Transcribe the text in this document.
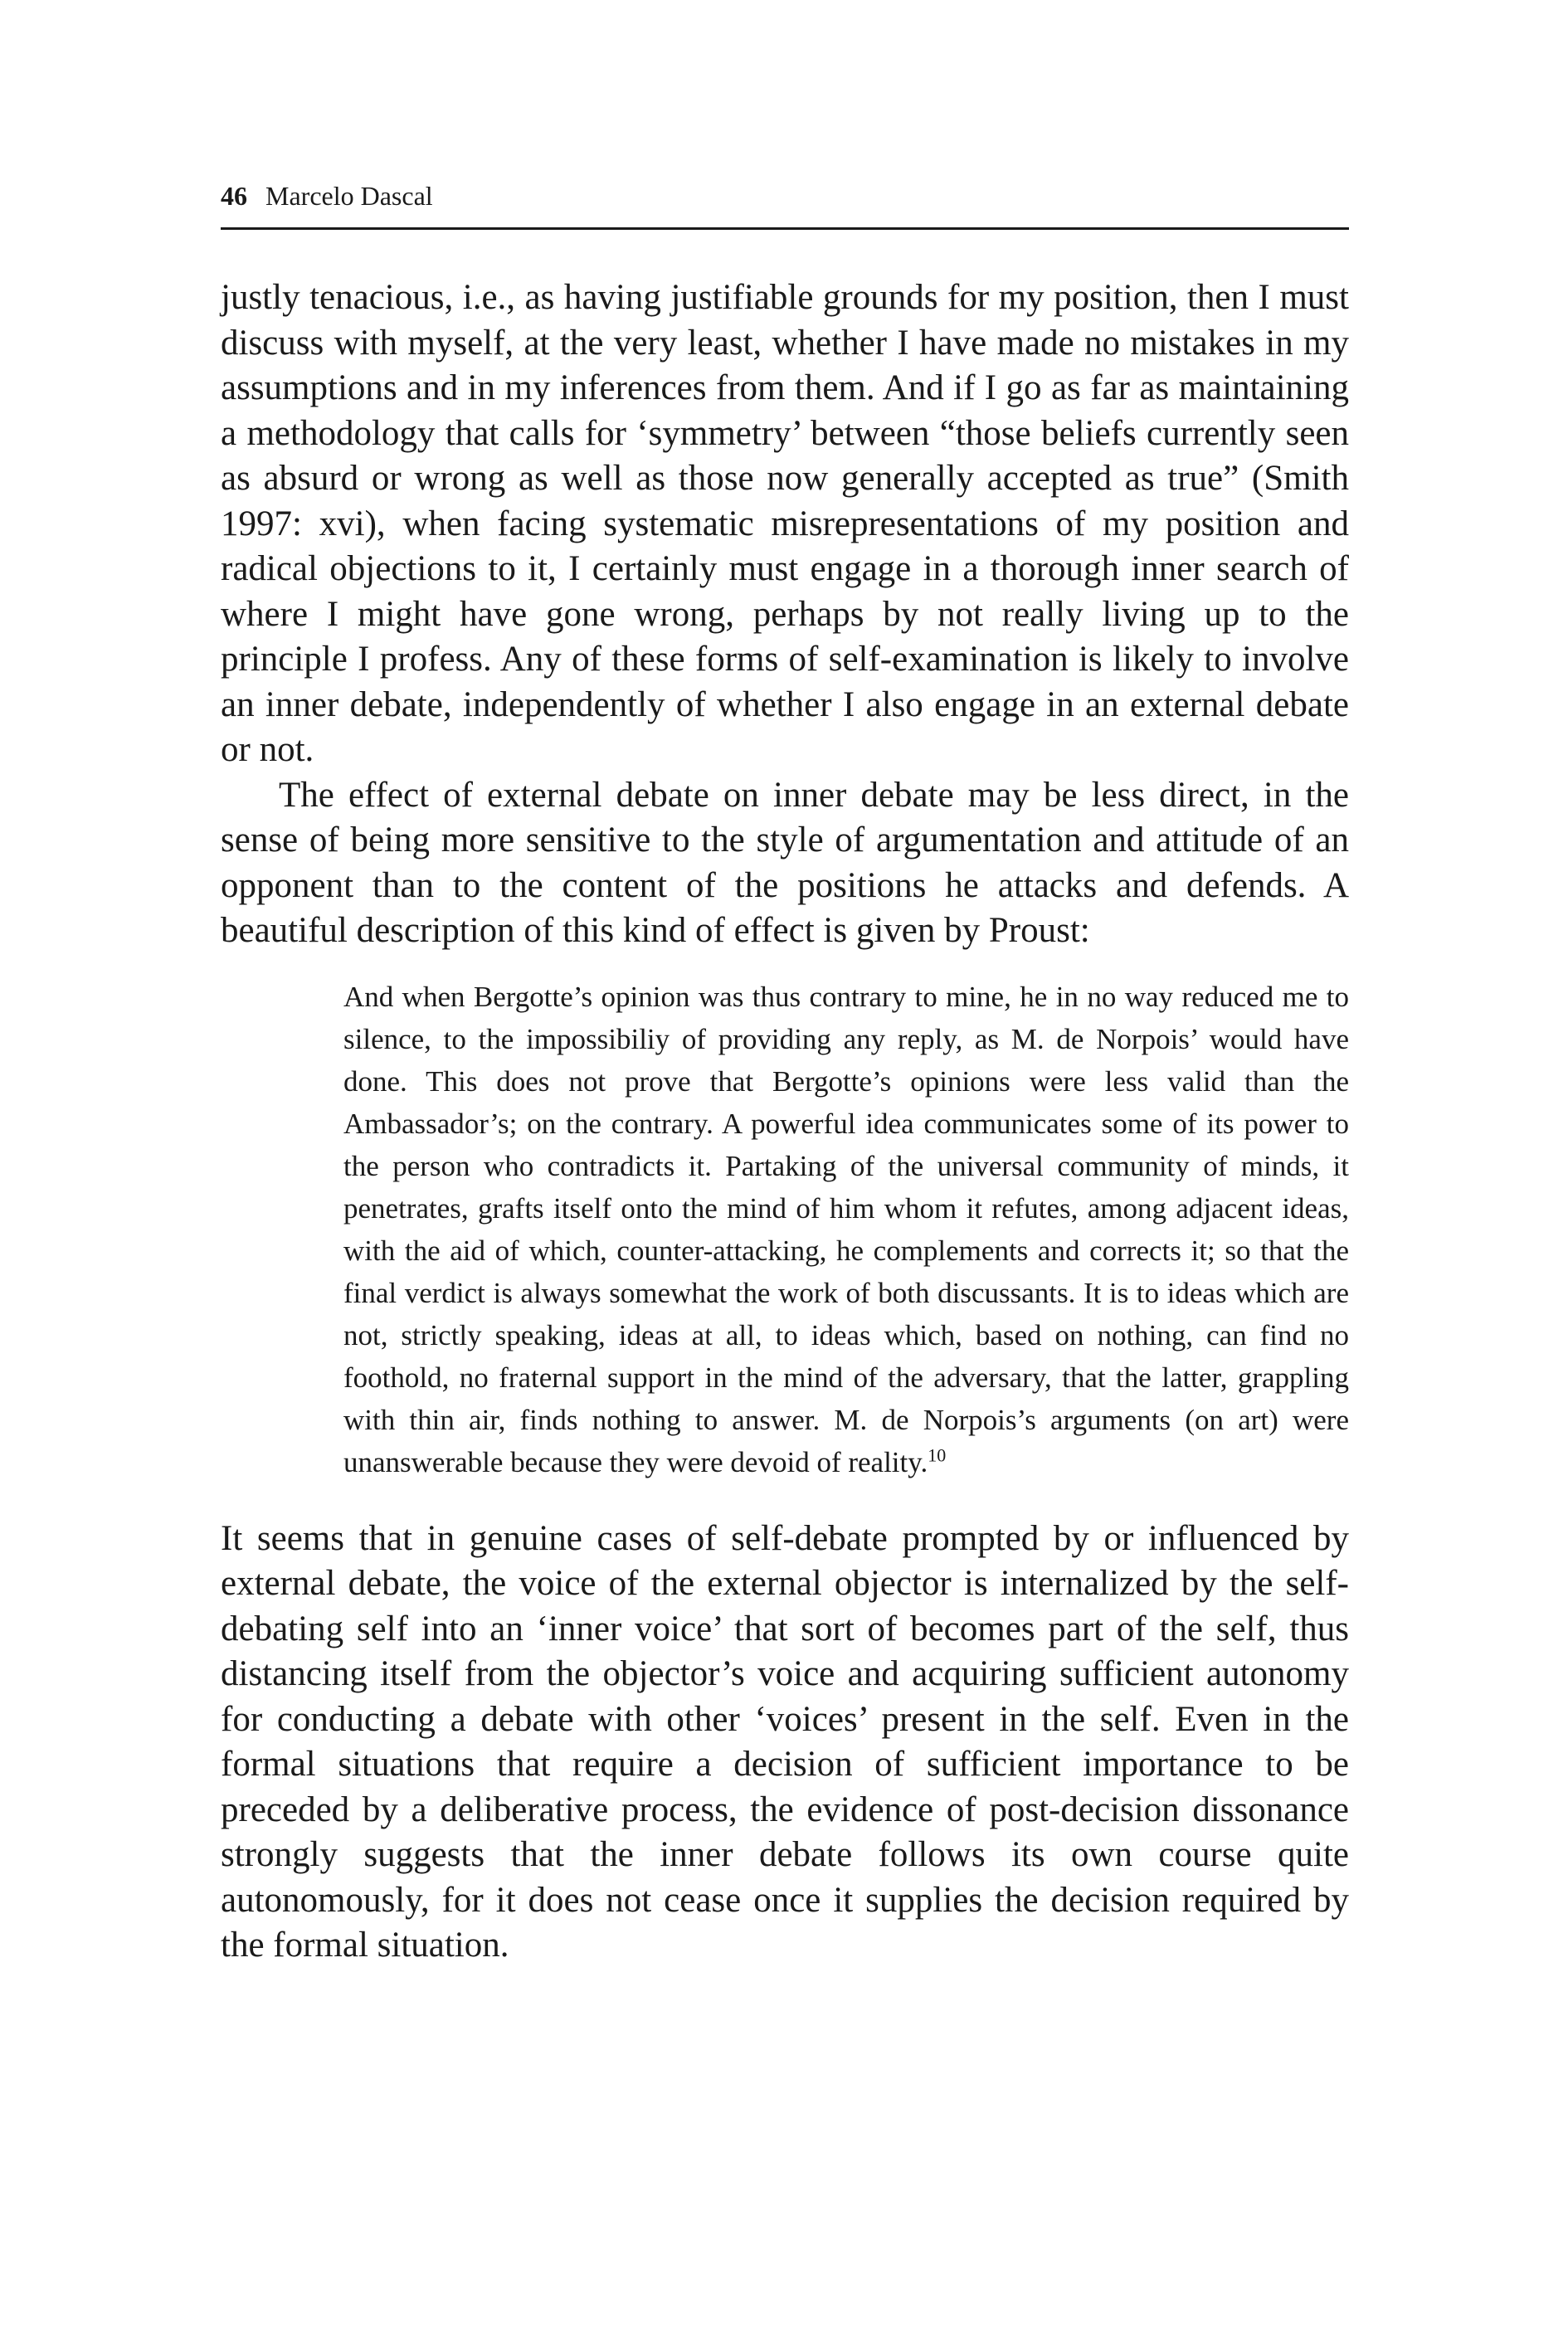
46 Marcelo Dascal

justly tenacious, i.e., as having justifiable grounds for my position, then I must discuss with myself, at the very least, whether I have made no mistakes in my assumptions and in my inferences from them. And if I go as far as maintaining a methodology that calls for ‘symmetry’ between “those beliefs currently seen as absurd or wrong as well as those now generally accepted as true” (Smith 1997: xvi), when facing systematic misrepresentations of my position and radical objections to it, I certainly must engage in a thorough inner search of where I might have gone wrong, perhaps by not really living up to the principle I profess. Any of these forms of self-examination is likely to involve an inner debate, independently of whether I also engage in an external debate or not.

The effect of external debate on inner debate may be less direct, in the sense of being more sensitive to the style of argumentation and attitude of an opponent than to the content of the positions he attacks and defends. A beautiful description of this kind of effect is given by Proust:

And when Bergotte’s opinion was thus contrary to mine, he in no way reduced me to silence, to the impossibiliy of providing any reply, as M. de Norpois’ would have done. This does not prove that Bergotte’s opinions were less valid than the Ambassador’s; on the contrary. A powerful idea communicates some of its power to the person who contradicts it. Partaking of the universal community of minds, it penetrates, grafts itself onto the mind of him whom it refutes, among adjacent ideas, with the aid of which, counter-attacking, he complements and corrects it; so that the final verdict is always somewhat the work of both discussants. It is to ideas which are not, strictly speaking, ideas at all, to ideas which, based on nothing, can find no foothold, no fraternal support in the mind of the adversary, that the latter, grappling with thin air, finds nothing to answer. M. de Norpois’s arguments (on art) were unanswerable because they were devoid of reality.$^{10}$

It seems that in genuine cases of self-debate prompted by or influenced by external debate, the voice of the external objector is internalized by the self-debating self into an ‘inner voice’ that sort of becomes part of the self, thus distancing itself from the objector’s voice and acquiring sufficient autonomy for conducting a debate with other ‘voices’ present in the self. Even in the formal situations that require a decision of sufficient importance to be preceded by a deliberative process, the evidence of post-decision dissonance strongly suggests that the inner debate follows its own course quite autonomously, for it does not cease once it supplies the decision required by the formal situation.
